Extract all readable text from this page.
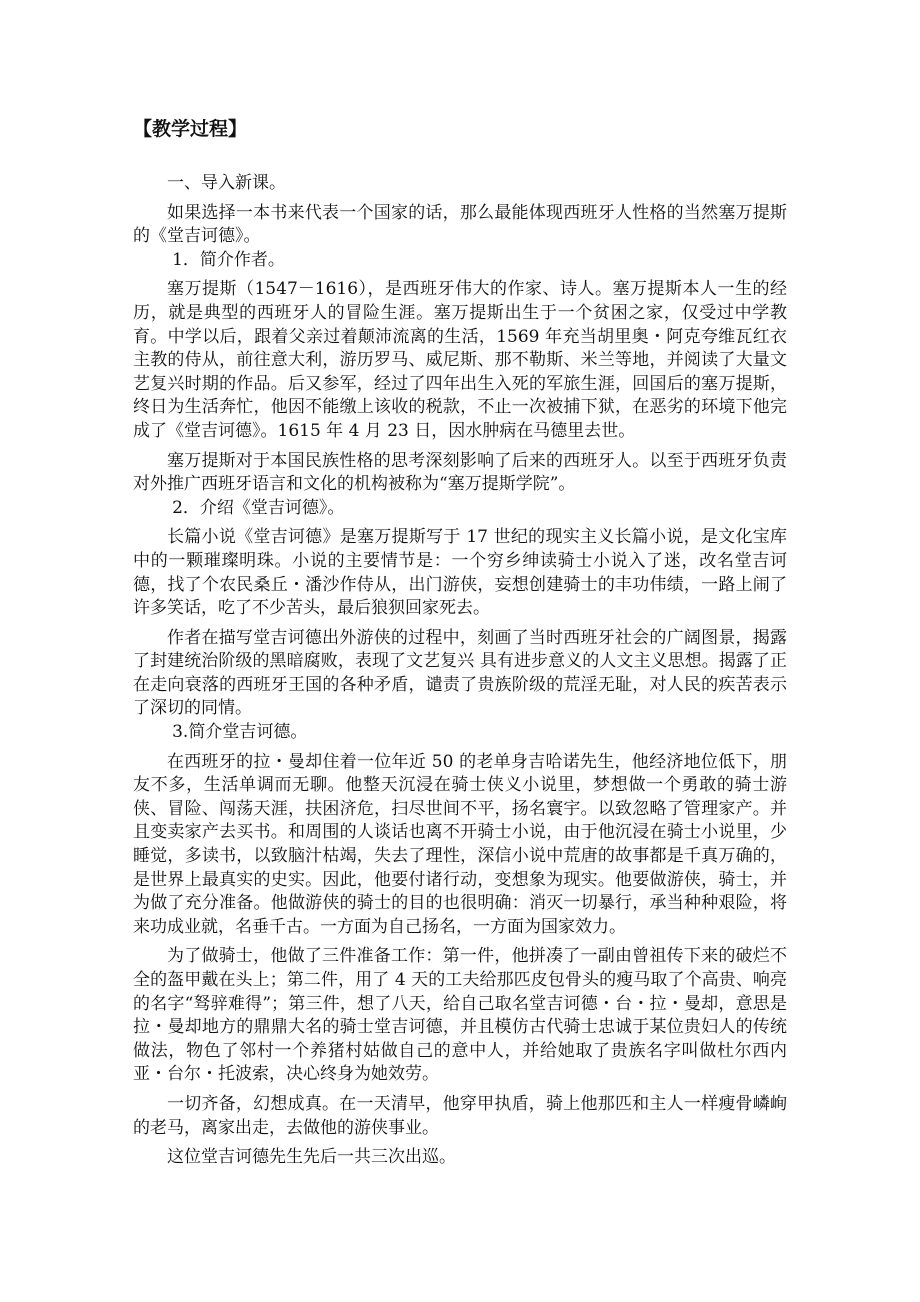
【教学过程】

一、导入新课。

如果选择一本书来代表一个国家的话，那么最能体现西班牙人性格的当然塞万提斯的《堂吉诃德》。

1．简介作者。

塞万提斯（1547－1616），是西班牙伟大的作家、诗人。塞万提斯本人一生的经历，就是典型的西班牙人的冒险生涯。塞万提斯出生于一个贫困之家，仅受过中学教育。中学以后，跟着父亲过着颠沛流离的生活，1569 年充当胡里奥・阿克夸维瓦红衣主教的侍从，前往意大利，游历罗马、威尼斯、那不勒斯、米兰等地，并阅读了大量文艺复兴时期的作品。后又参军，经过了四年出生入死的军旅生涯，回国后的塞万提斯，终日为生活奔忙，他因不能缴上该收的税款，不止一次被捕下狱，在恶劣的环境下他完成了《堂吉诃德》。1615 年 4 月 23 日，因水肿病在马德里去世。

塞万提斯对于本国民族性格的思考深刻影响了后来的西班牙人。以至于西班牙负责对外推广西班牙语言和文化的机构被称为“塞万提斯学院”。

2．介绍《堂吉诃德》。

长篇小说《堂吉诃德》是塞万提斯写于 17 世纪的现实主义长篇小说，是文化宝库中的一颗璀璨明珠。小说的主要情节是：一个穷乡绅读骑士小说入了迷，改名堂吉诃德，找了个农民桑丘・潘沙作侍从，出门游侠，妄想创建骑士的丰功伟绩，一路上闹了许多笑话，吃了不少苦头，最后狼狈回家死去。

作者在描写堂吉诃德出外游侠的过程中，刻画了当时西班牙社会的广阔图景，揭露了封建统治阶级的黑暗腐败，表现了文艺复兴 具有进步意义的人文主义思想。揭露了正在走向衰落的西班牙王国的各种矛盾，谴责了贵族阶级的荒淫无耻，对人民的疾苦表示了深切的同情。

3.简介堂吉诃德。

在西班牙的拉・曼却住着一位年近 50 的老单身吉哈诺先生，他经济地位低下，朋友不多，生活单调而无聊。他整天沉浸在骑士侠义小说里，梦想做一个勇敢的骑士游侠、冒险、闯荡天涯，扶困济危，扫尽世间不平，扬名寰宇。以致忽略了管理家产。并且变卖家产去买书。和周围的人谈话也离不开骑士小说，由于他沉浸在骑士小说里，少睡觉，多读书，以致脑汁枯竭，失去了理性，深信小说中荒唐的故事都是千真万确的，是世界上最真实的史实。因此，他要付诸行动，变想象为现实。他要做游侠，骑士，并为做了充分准备。他做游侠的骑士的目的也很明确：消灭一切暴行，承当种种艰险，将来功成业就，名垂千古。一方面为自己扬名，一方面为国家效力。

为了做骑士，他做了三件准备工作：第一件，他拼凑了一副由曾祖传下来的破烂不全的盔甲戴在头上；第二件，用了 4 天的工夫给那匹皮包骨头的瘦马取了个高贵、响亮的名字“驽骍难得”；第三件，想了八天，给自己取名堂吉诃德・台・拉・曼却，意思是拉・曼却地方的鼎鼎大名的骑士堂吉诃德，并且模仿古代骑士忠诚于某位贵妇人的传统做法，物色了邻村一个养猪村姑做自己的意中人，并给她取了贵族名字叫做杜尔西内亚・台尔・托波索，决心终身为她效劳。

一切齐备，幻想成真。在一天清早，他穿甲执盾，骑上他那匹和主人一样瘦骨嶙峋的老马，离家出走，去做他的游侠事业。

这位堂吉诃德先生先后一共三次出巡。
